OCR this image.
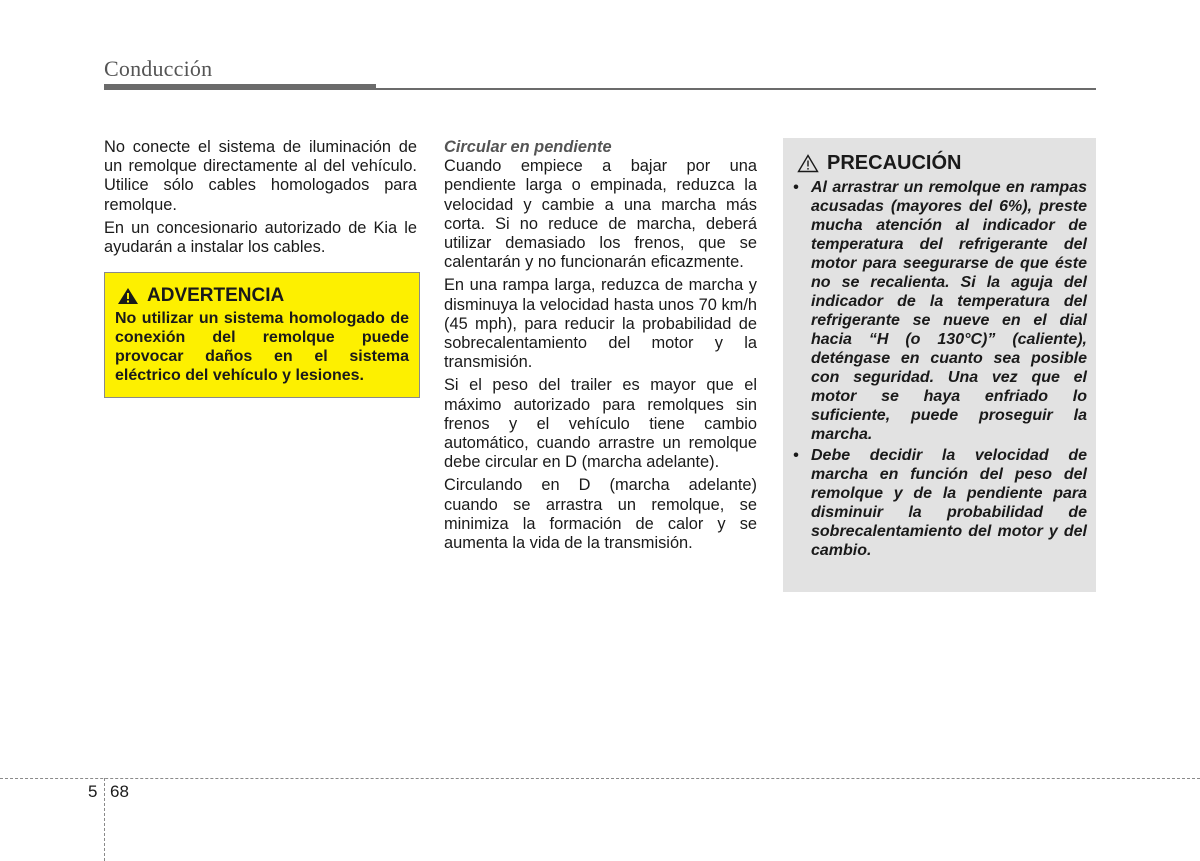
Conducción

No conecte el sistema de iluminación de un remolque directamente al del vehículo. Utilice sólo cables homologados para remolque.

En un concesionario autorizado de Kia le ayudarán a instalar los cables.

ADVERTENCIA
No utilizar un sistema homologado de conexión del remolque puede provocar daños en el sistema eléctrico del vehículo y lesiones.
Circular en pendiente

Cuando empiece a bajar por una pendiente larga o empinada, reduzca la velocidad y cambie a una marcha más corta. Si no reduce de marcha, deberá utilizar demasiado los frenos, que se calentarán y no funcionarán eficazmente.

En una rampa larga, reduzca de marcha y disminuya la velocidad hasta unos 70 km/h (45 mph), para reducir la probabilidad de sobrecalentamiento del motor y la transmisión.

Si el peso del trailer es mayor que el máximo autorizado para remolques sin frenos y el vehículo tiene cambio automático, cuando arrastre un remolque debe circular en D (marcha adelante).

Circulando en D (marcha adelante) cuando se arrastra un remolque, se minimiza la formación de calor y se aumenta la vida de la transmisión.

PRECAUCIÓN
• Al arrastrar un remolque en rampas acusadas (mayores del 6%), preste mucha atención al indicador de temperatura del refrigerante del motor para seegurarse de que éste no se recalienta. Si la aguja del indicador de la temperatura del refrigerante se nueve en el dial hacia “H (o 130°C)” (caliente), deténgase en cuanto sea posible con seguridad. Una vez que el motor se haya enfriado lo suficiente, puede proseguir la marcha.
• Debe decidir la velocidad de marcha en función del peso del remolque y de la pendiente para disminuir la probabilidad de sobrecalentamiento del motor y del cambio.
5 68
